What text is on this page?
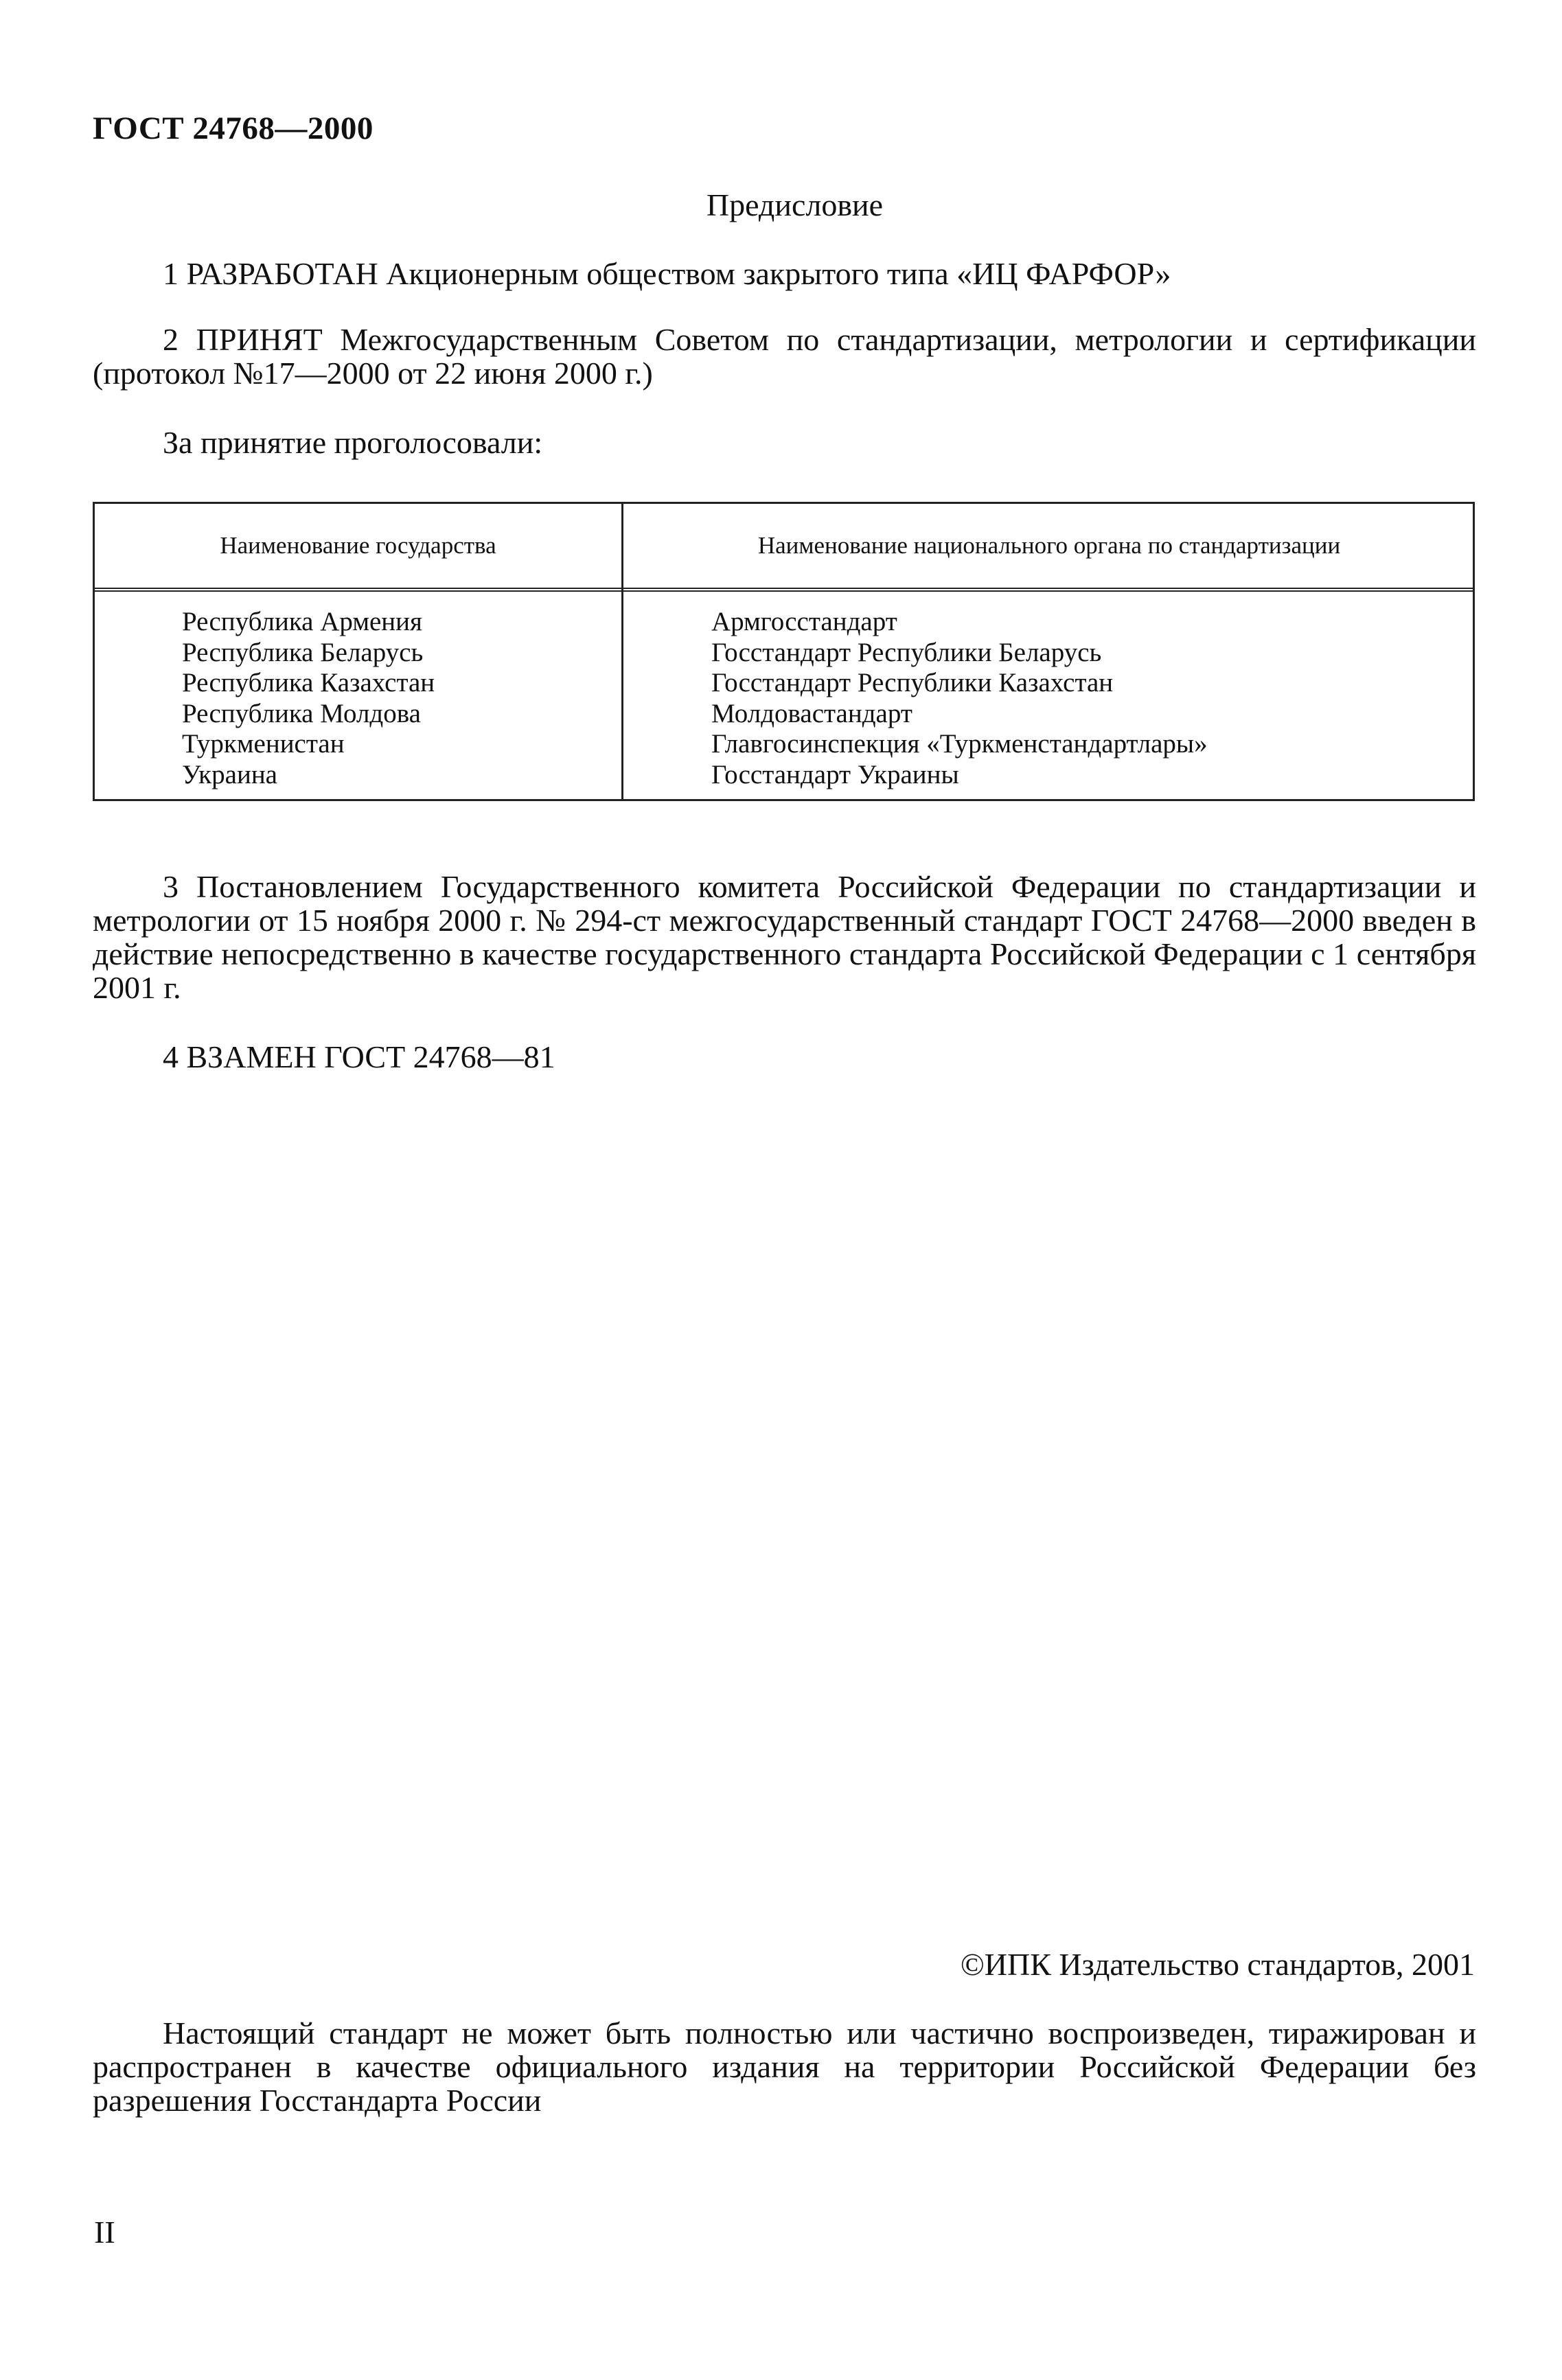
ГОСТ 24768—2000
Предисловие
1 РАЗРАБОТАН Акционерным обществом закрытого типа «ИЦ ФАРФОР»
2 ПРИНЯТ Межгосударственным Советом по стандартизации, метрологии и сертификации (протокол №17—2000 от 22 июня 2000 г.)
За принятие проголосовали:
Наименование государства	Наименование национального органа по стандартизации
Республика Армения
Республика Беларусь
Республика Казахстан
Республика Молдова
Туркменистан
Украина
Армгосстандарт
Госстандарт Республики Беларусь
Госстандарт Республики Казахстан
Молдовастандарт
Главгосинспекция «Туркменстандартлары»
Госстандарт Украины
3 Постановлением Государственного комитета Российской Федерации по стандартизации и метрологии от 15 ноября 2000 г. № 294-ст межгосударственный стандарт ГОСТ 24768—2000 введен в действие непосредственно в качестве государственного стандарта Российской Федерации с 1 сентября 2001 г.
4 ВЗАМЕН ГОСТ 24768—81
©ИПК Издательство стандартов, 2001
Настоящий стандарт не может быть полностью или частично воспроизведен, тиражирован и распространен в качестве официального издания на территории Российской Федерации без разрешения Госстандарта России
II
